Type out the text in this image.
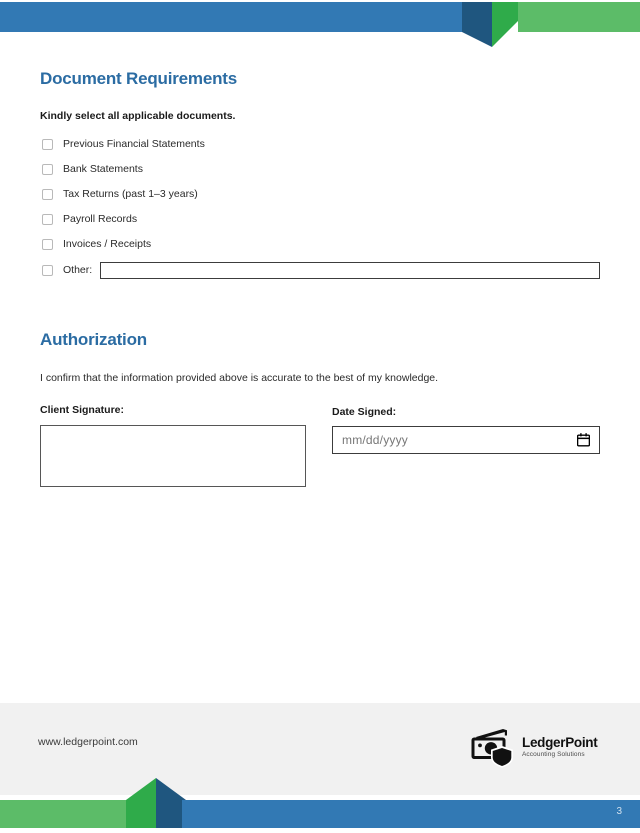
Document Requirements

Kindly select all applicable documents.

Previous Financial Statements
Bank Statements
Tax Returns (past 1–3 years)
Payroll Records
Invoices / Receipts
Other:
Authorization

I confirm that the information provided above is accurate to the best of my knowledge.

Client Signature:	Date Signed:
mm/dd/yyyy
www.ledgerpoint.com	LedgerPoint
Accounting Solutions
3
